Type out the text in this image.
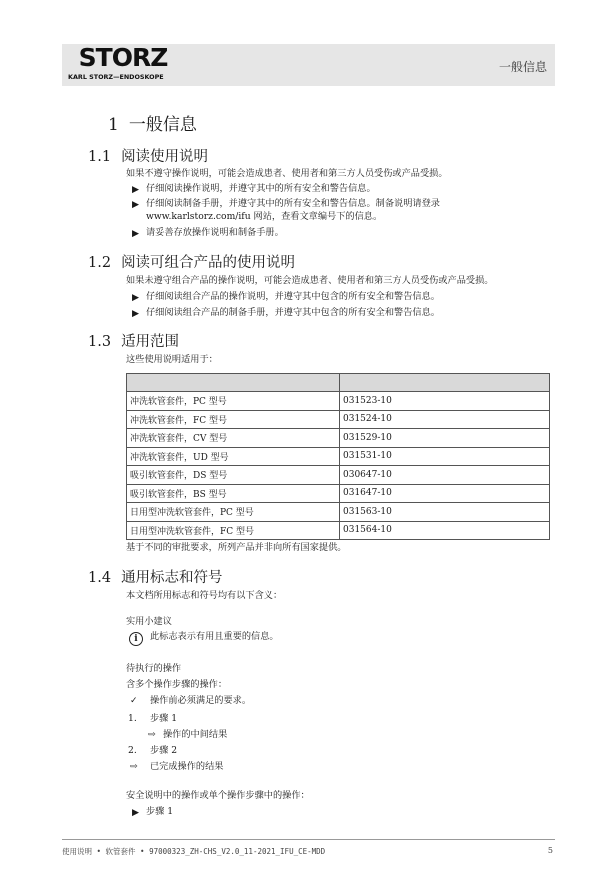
STORZ
KARL STORZ—ENDOSKOPE
一般信息
1 一般信息
1.1 阅读使用说明
如果不遵守操作说明，可能会造成患者、使用者和第三方人员受伤或产品受损。
▶ 仔细阅读操作说明，并遵守其中的所有安全和警告信息。
▶ 仔细阅读制备手册，并遵守其中的所有安全和警告信息。制备说明请登录
www.karlstorz.com/ifu 网站，查看文章编号下的信息。
▶ 请妥善存放操作说明和制备手册。
1.2 阅读可组合产品的使用说明
如果未遵守组合产品的操作说明，可能会造成患者、使用者和第三方人员受伤或产品受损。
▶ 仔细阅读组合产品的操作说明，并遵守其中包含的所有安全和警告信息。
▶ 仔细阅读组合产品的制备手册，并遵守其中包含的所有安全和警告信息。
1.3 适用范围
这些使用说明适用于：

冲洗软管套件，PC 型号	031523-10
冲洗软管套件，FC 型号	031524-10
冲洗软管套件，CV 型号	031529-10
冲洗软管套件，UD 型号	031531-10
吸引软管套件，DS 型号	030647-10
吸引软管套件，BS 型号	031647-10
日用型冲洗软管套件，PC 型号	031563-10
日用型冲洗软管套件，FC 型号	031564-10
基于不同的审批要求，所列产品并非向所有国家提供。
1.4 通用标志和符号
本文档所用标志和符号均有以下含义：
实用小建议
i	此标志表示有用且重要的信息。
待执行的操作
含多个操作步骤的操作：
✓ 操作前必须满足的要求。
1. 步骤 1
⇨ 操作的中间结果
2. 步骤 2
⇨ 已完成操作的结果
安全说明中的操作或单个操作步骤中的操作：
▶ 步骤 1
使用说明 • 软管套件 • 97000323_ZH-CHS_V2.0_11-2021_IFU_CE-MDD	5
